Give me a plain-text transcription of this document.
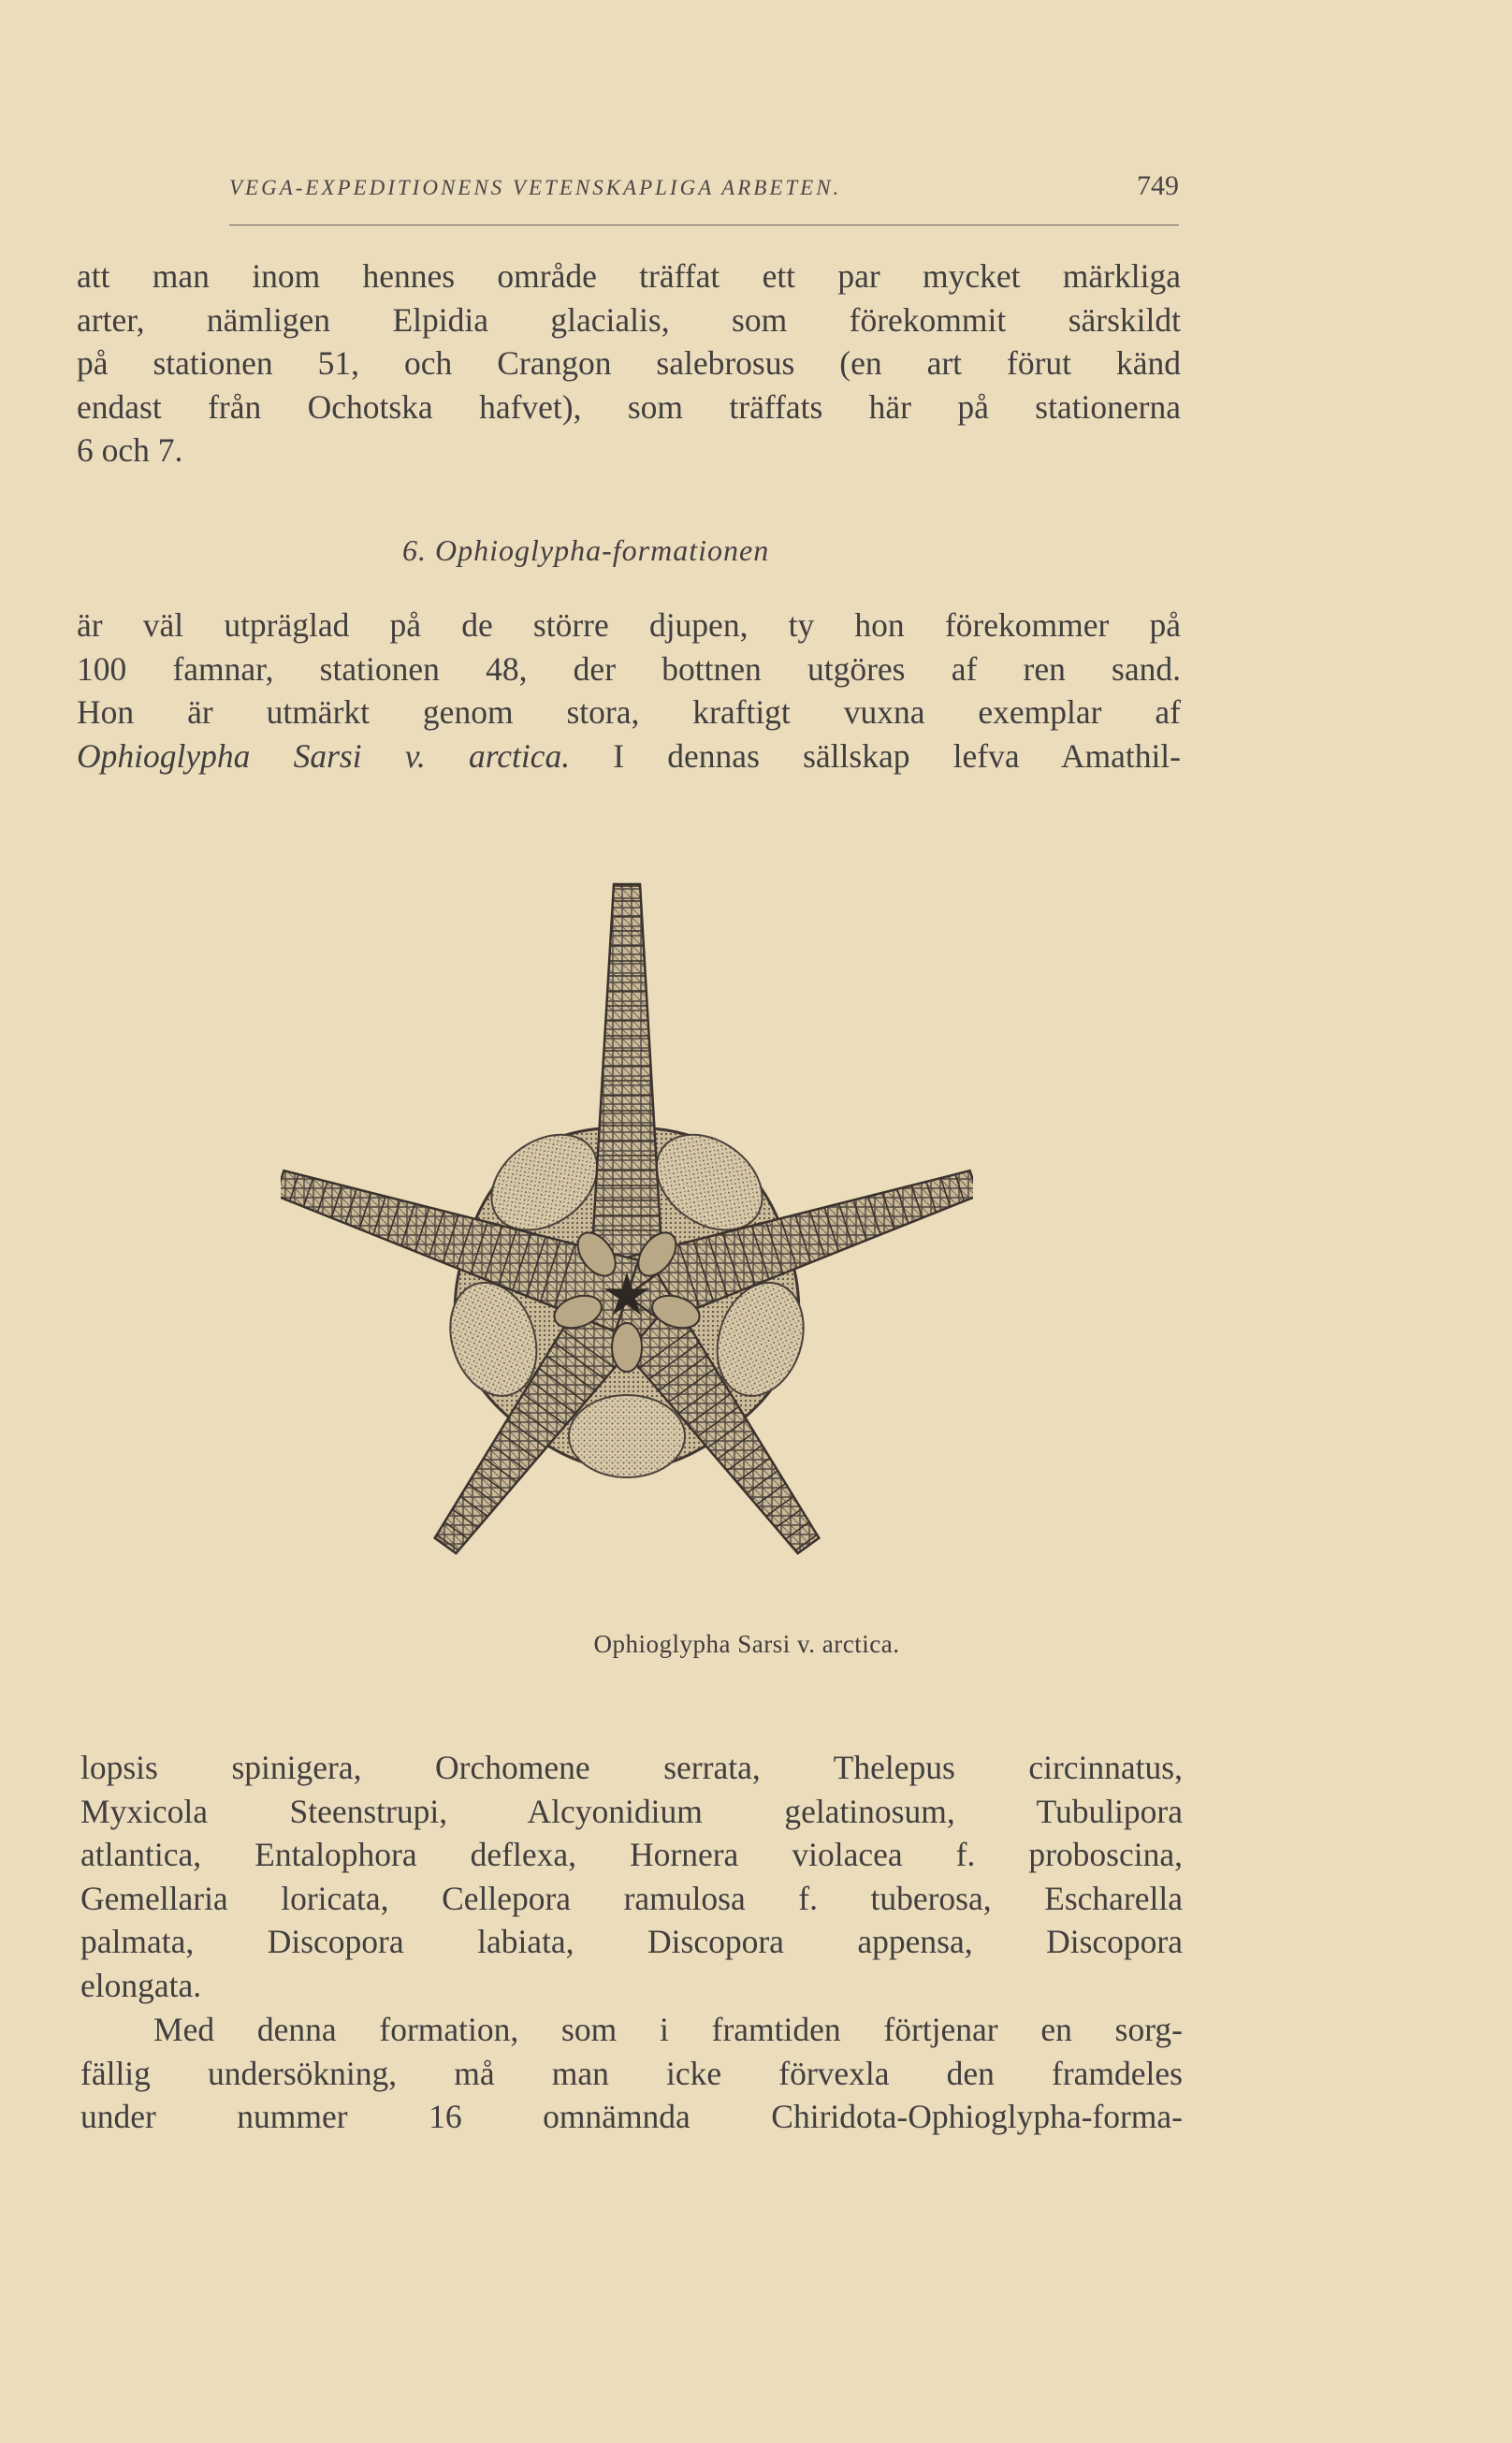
VEGA-EXPEDITIONENS VETENSKAPLIGA ARBETEN.	749

att man inom hennes område träffat ett par mycket märkliga
arter, nämligen Elpidia glacialis, som förekommit särskildt
på stationen 51, och Crangon salebrosus (en art förut känd
endast från Ochotska hafvet), som träffats här på stationerna
6 och 7.

6. Ophioglypha-formationen

är väl utpräglad på de större djupen, ty hon förekommer på
100 famnar, stationen 48, der bottnen utgöres af ren sand.
Hon är utmärkt genom stora, kraftigt vuxna exemplar af
Ophioglypha Sarsi v. arctica. I dennas sällskap lefva Amathil-

Ophioglypha Sarsi v. arctica.

lopsis spinigera, Orchomene serrata, Thelepus circinnatus,
Myxicola Steenstrupi, Alcyonidium gelatinosum, Tubulipora
atlantica, Entalophora deflexa, Hornera violacea f. proboscina,
Gemellaria loricata, Cellepora ramulosa f. tuberosa, Escharella
palmata, Discopora labiata, Discopora appensa, Discopora
elongata.

Med denna formation, som i framtiden förtjenar en sorg-
fällig undersökning, må man icke förvexla den framdeles
under nummer 16 omnämnda Chiridota-Ophioglypha-forma-
